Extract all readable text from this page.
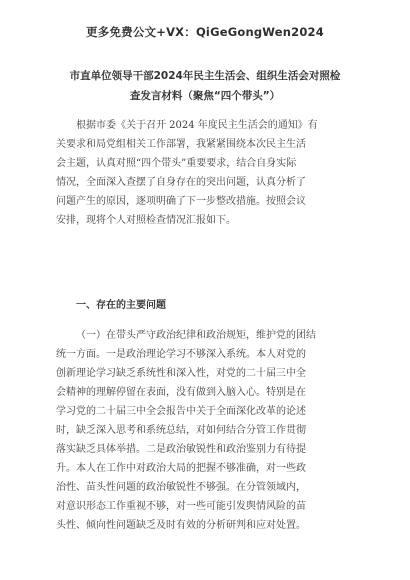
更多免费公文+VX：QiGeGongWen2024
市直单位领导干部2024年民主生活会、组织生活会对照检
查发言材料（聚焦“四个带头”）
根据市委《关于召开 2024 年度民主生活会的通知》有
关要求和局党组相关工作部署，我紧紧围绕本次民主生活
会主题，认真对照“四个带头”重要要求，结合自身实际
情况，全面深入查摆了自身存在的突出问题，认真分析了
问题产生的原因，逐项明确了下一步整改措施。按照会议
安排，现将个人对照检查情况汇报如下。
一、存在的主要问题
（一）在带头严守政治纪律和政治规矩，维护党的团结
统一方面。一是政治理论学习不够深入系统。本人对党的
创新理论学习缺乏系统性和深入性，对党的二十届三中全
会精神的理解停留在表面，没有做到入脑入心。特别是在
学习党的二十届三中全会报告中关于全面深化改革的论述
时，缺乏深入思考和系统总结，对如何结合分管工作贯彻
落实缺乏具体举措。二是政治敏锐性和政治鉴别力有待提
升。本人在工作中对政治大局的把握不够准确，对一些政
治性、苗头性问题的政治敏锐性不够强。在分管领域内，
对意识形态工作重视不够，对一些可能引发舆情风险的苗
头性、倾向性问题缺乏及时有效的分析研判和应对处置。
